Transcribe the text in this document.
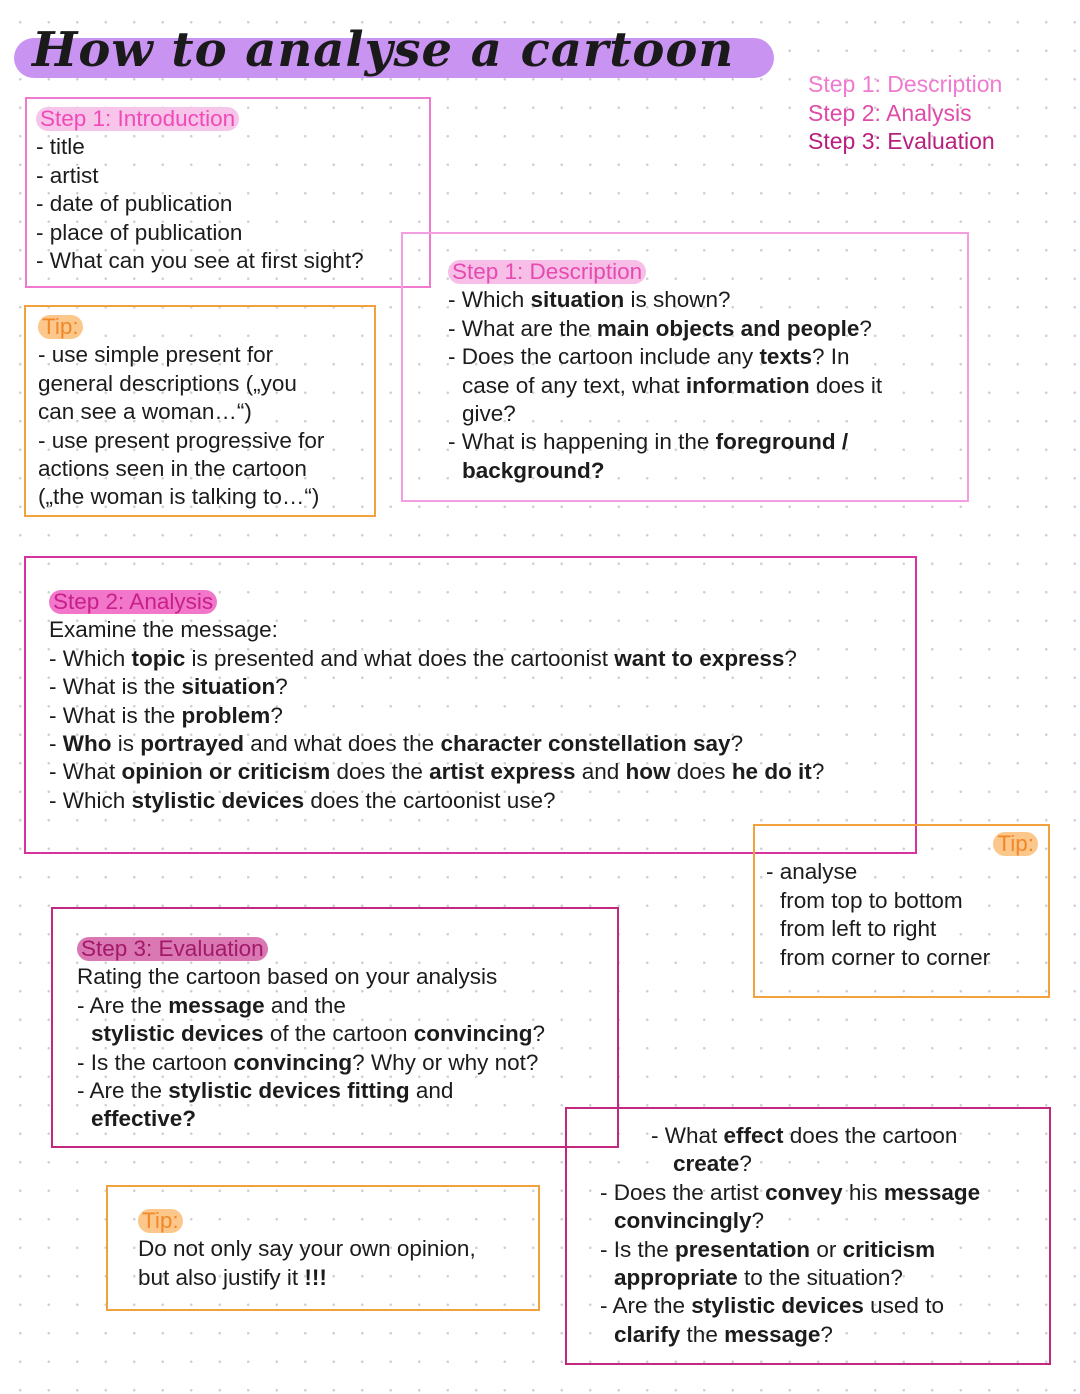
How to analyse a cartoon
Step 1: Description
Step 2: Analysis
Step 3: Evaluation
Step 1: Introduction
- title
- artist
- date of publication
- place of publication
- What can you see at first sight?
Tip:
- use simple present for
general descriptions („you
can see a woman…“)
- use present progressive for
actions seen in the cartoon
(„the woman is talking to…“)
Step 1: Description
- Which situation is shown?
- What are the main objects and people?
- Does the cartoon include any texts? In
case of any text, what information does it
give?
- What is happening in the foreground /
background?
Step 2: Analysis
Examine the message:
- Which topic is presented and what does the cartoonist want to express?
- What is the situation?
- What is the problem?
- Who is portrayed and what does the character constellation say?
- What opinion or criticism does the artist express and how does he do it?
- Which stylistic devices does the cartoonist use?
Tip:
- analyse
from top to bottom
from left to right
from corner to corner
Step 3: Evaluation
Rating the cartoon based on your analysis
- Are the message and the
stylistic devices of the cartoon convincing?
- Is the cartoon convincing? Why or why not?
- Are the stylistic devices fitting and
effective?
Tip:
Do not only say your own opinion,
but also justify it !!!
- What effect does the cartoon
create?
- Does the artist convey his message
convincingly?
- Is the presentation or criticism
appropriate to the situation?
- Are the stylistic devices used to
clarify the message?
